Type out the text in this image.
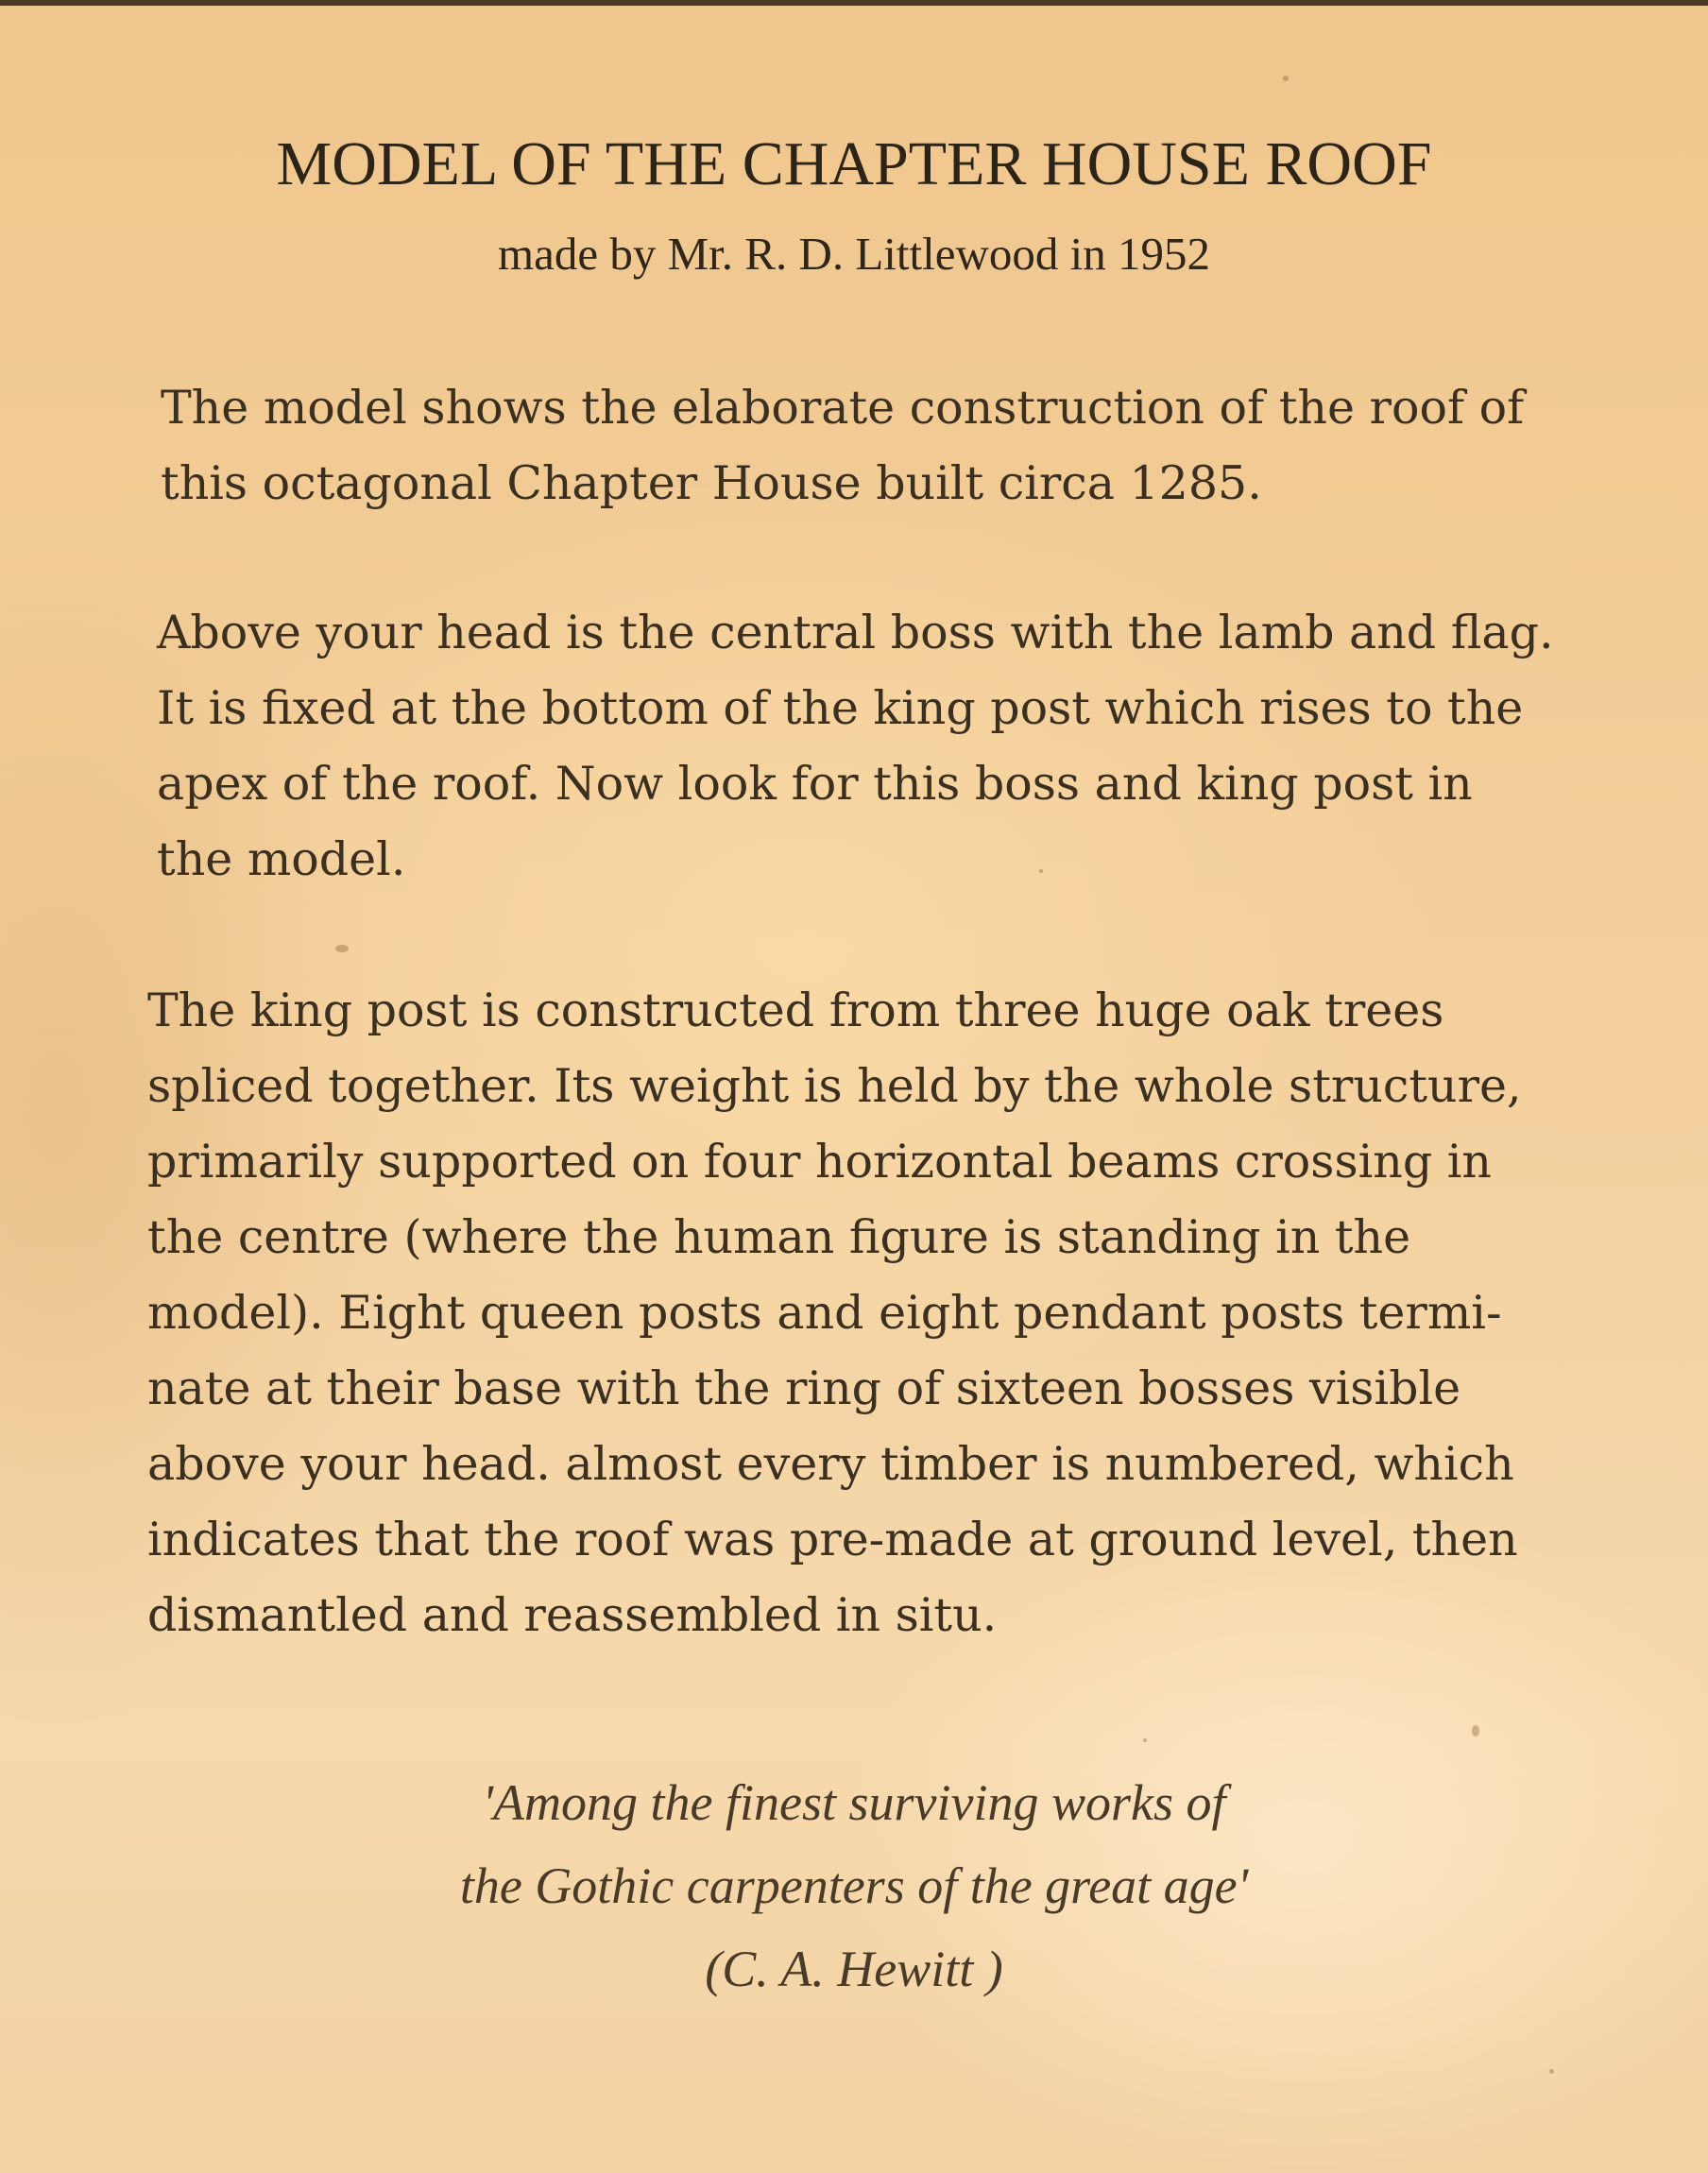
MODEL OF THE CHAPTER HOUSE ROOF
made by Mr. R. D. Littlewood in 1952

The model shows the elaborate construction of the roof of
this octagonal Chapter House built circa 1285.

Above your head is the central boss with the lamb and flag.
It is fixed at the bottom of the king post which rises to the
apex of the roof. Now look for this boss and king post in
the model.

The king post is constructed from three huge oak trees
spliced together. Its weight is held by the whole structure,
primarily supported on four horizontal beams crossing in
the centre (where the human figure is standing in the
model). Eight queen posts and eight pendant posts termi-
nate at their base with the ring of sixteen bosses visible
above your head. almost every timber is numbered, which
indicates that the roof was pre-made at ground level, then
dismantled and reassembled in situ.

'Among the finest surviving works of
the Gothic carpenters of the great age'
(C. A. Hewitt )
